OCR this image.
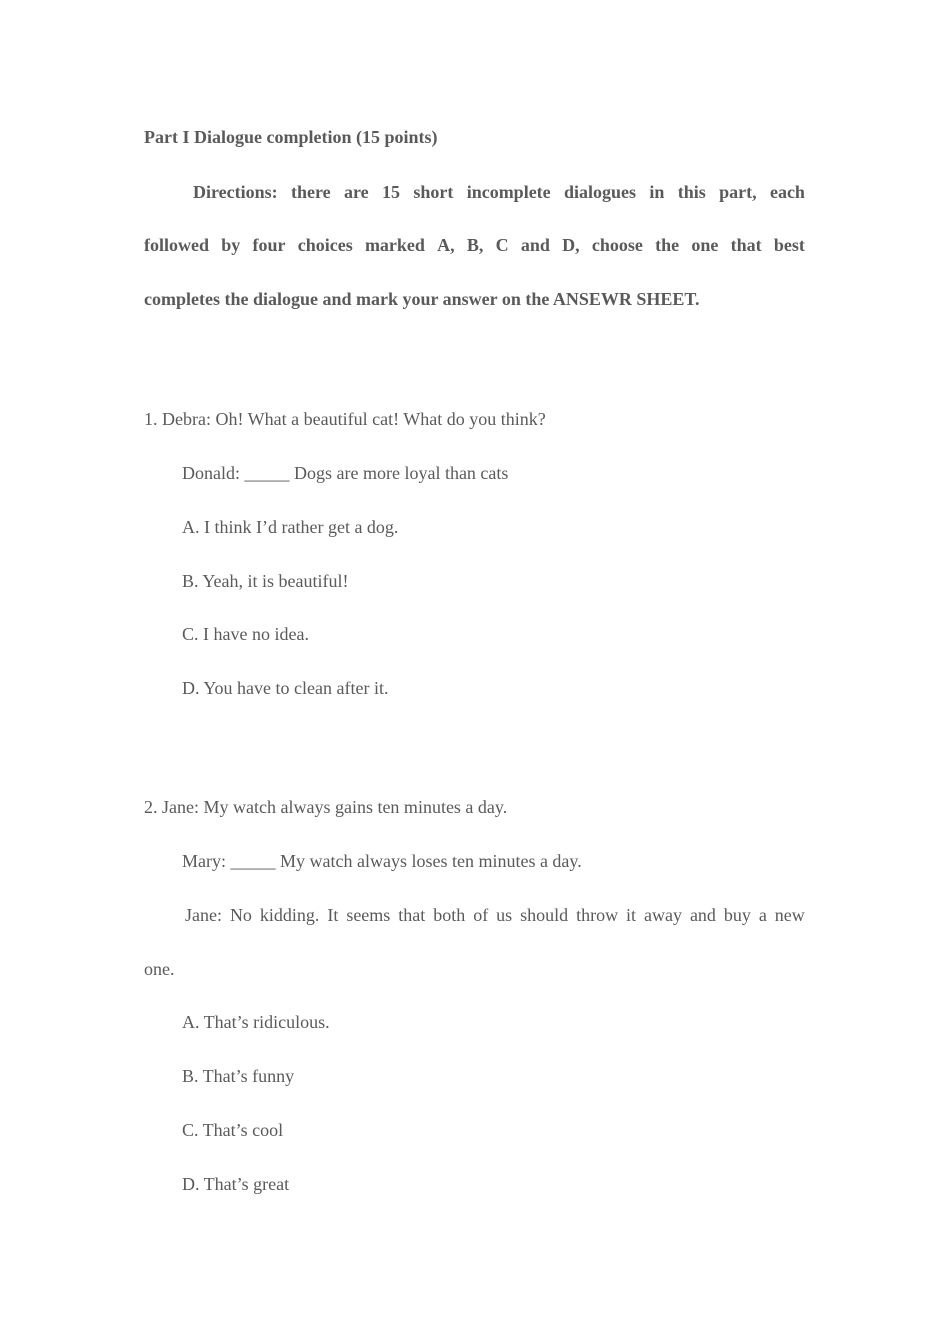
Part I Dialogue completion (15 points)
Directions: there are 15 short incomplete dialogues in this part, each
followed by four choices marked A, B, C and D, choose the one that best
completes the dialogue and mark your answer on the ANSEWR SHEET.
1. Debra: Oh! What a beautiful cat! What do you think?
Donald: _____ Dogs are more loyal than cats
A. I think I’d rather get a dog.
B. Yeah, it is beautiful!
C. I have no idea.
D. You have to clean after it.
2. Jane: My watch always gains ten minutes a day.
Mary: _____ My watch always loses ten minutes a day.
Jane: No kidding. It seems that both of us should throw it away and buy a new
one.
A. That’s ridiculous.
B. That’s funny
C. That’s cool
D. That’s great
